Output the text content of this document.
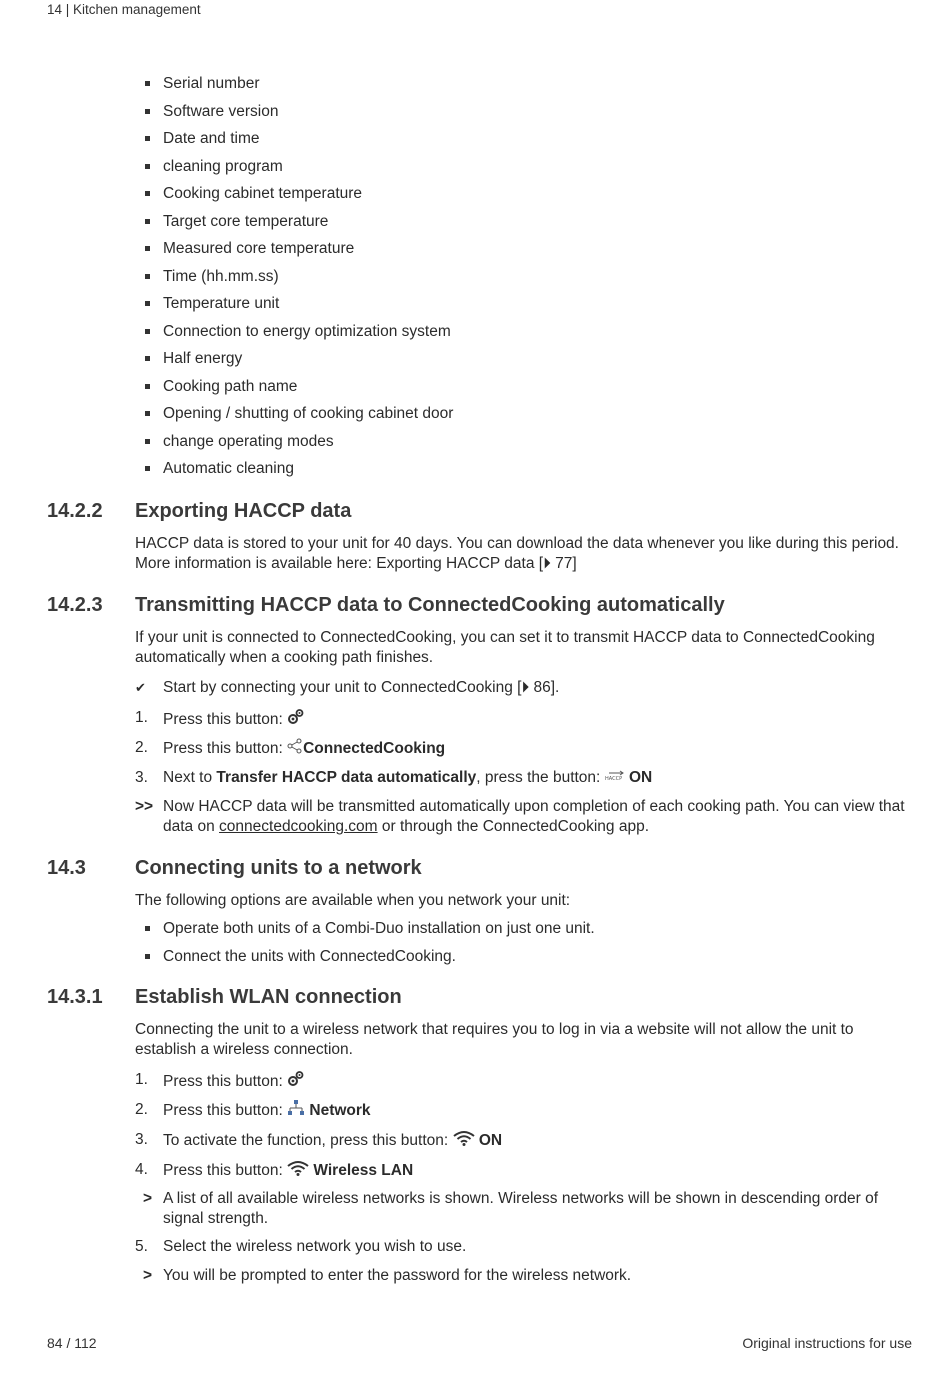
14 | Kitchen management
Serial number
Software version
Date and time
cleaning program
Cooking cabinet temperature
Target core temperature
Measured core temperature
Time (hh.mm.ss)
Temperature unit
Connection to energy optimization system
Half energy
Cooking path name
Opening / shutting of cooking cabinet door
change operating modes
Automatic cleaning
14.2.2 Exporting HACCP data
HACCP data is stored to your unit for 40 days. You can download the data whenever you like during this period.
More information is available here: Exporting HACCP data [⏵ 77]
14.2.3 Transmitting HACCP data to ConnectedCooking automatically
If your unit is connected to ConnectedCooking, you can set it to transmit HACCP data to ConnectedCooking automatically when a cooking path finishes.
✔ Start by connecting your unit to ConnectedCooking [⏵ 86].
1. Press this button:
2. Press this button: ConnectedCooking
3. Next to Transfer HACCP data automatically, press the button: HACCP ON
>> Now HACCP data will be transmitted automatically upon completion of each cooking path. You can view that data on connectedcooking.com or through the ConnectedCooking app.
14.3 Connecting units to a network
The following options are available when you network your unit:
Operate both units of a Combi-Duo installation on just one unit.
Connect the units with ConnectedCooking.
14.3.1 Establish WLAN connection
Connecting the unit to a wireless network that requires you to log in via a website will not allow the unit to establish a wireless connection.
1. Press this button:
2. Press this button:  Network
3. To activate the function, press this button:  ON
4. Press this button:  Wireless LAN
> A list of all available wireless networks is shown. Wireless networks will be shown in descending order of signal strength.
5. Select the wireless network you wish to use.
> You will be prompted to enter the password for the wireless network.
84 / 112	Original instructions for use
